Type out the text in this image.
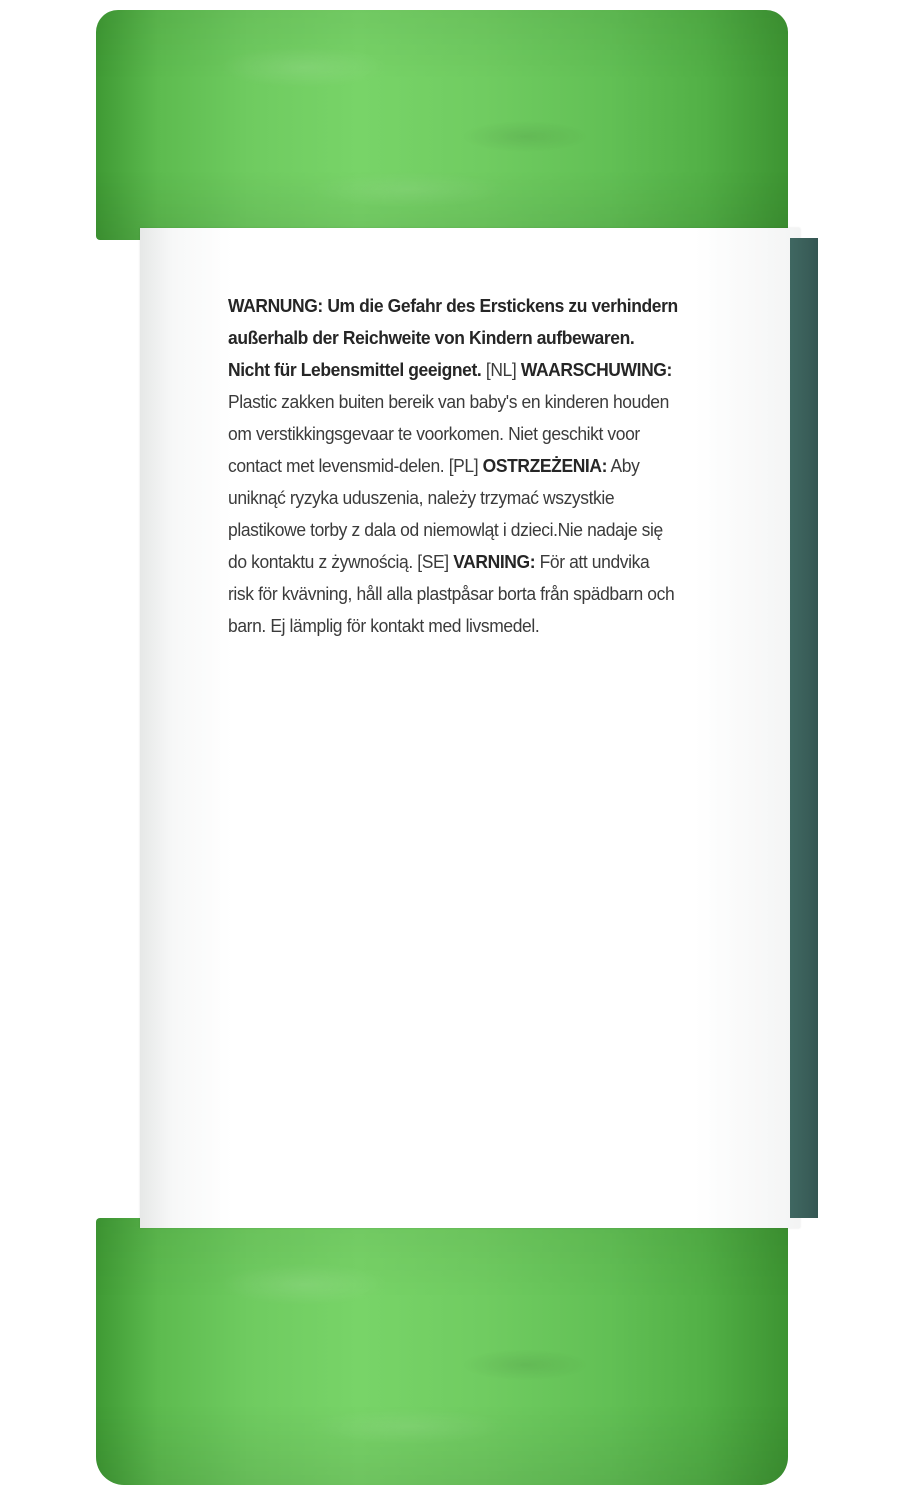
WARNUNG: Um die Gefahr des Erstickens zu verhindern außerhalb der Reichweite von Kindern aufbewaren. Nicht für Lebensmittel geeignet. [NL] WAARSCHUWING: Plastic zakken buiten bereik van baby's en kinderen houden om verstikkingsgevaar te voorkomen. Niet geschikt voor contact met levensmid-delen. [PL] OSTRZEŻENIA: Aby uniknąć ryzyka uduszenia, należy trzymać wszystkie plastikowe torby z dala od niemowląt i dzieci.Nie nadaje się do kontaktu z żywnością. [SE] VARNING: För att undvika risk för kvävning, håll alla plastpåsar borta från spädbarn och barn. Ej lämplig för kontakt med livsmedel.
